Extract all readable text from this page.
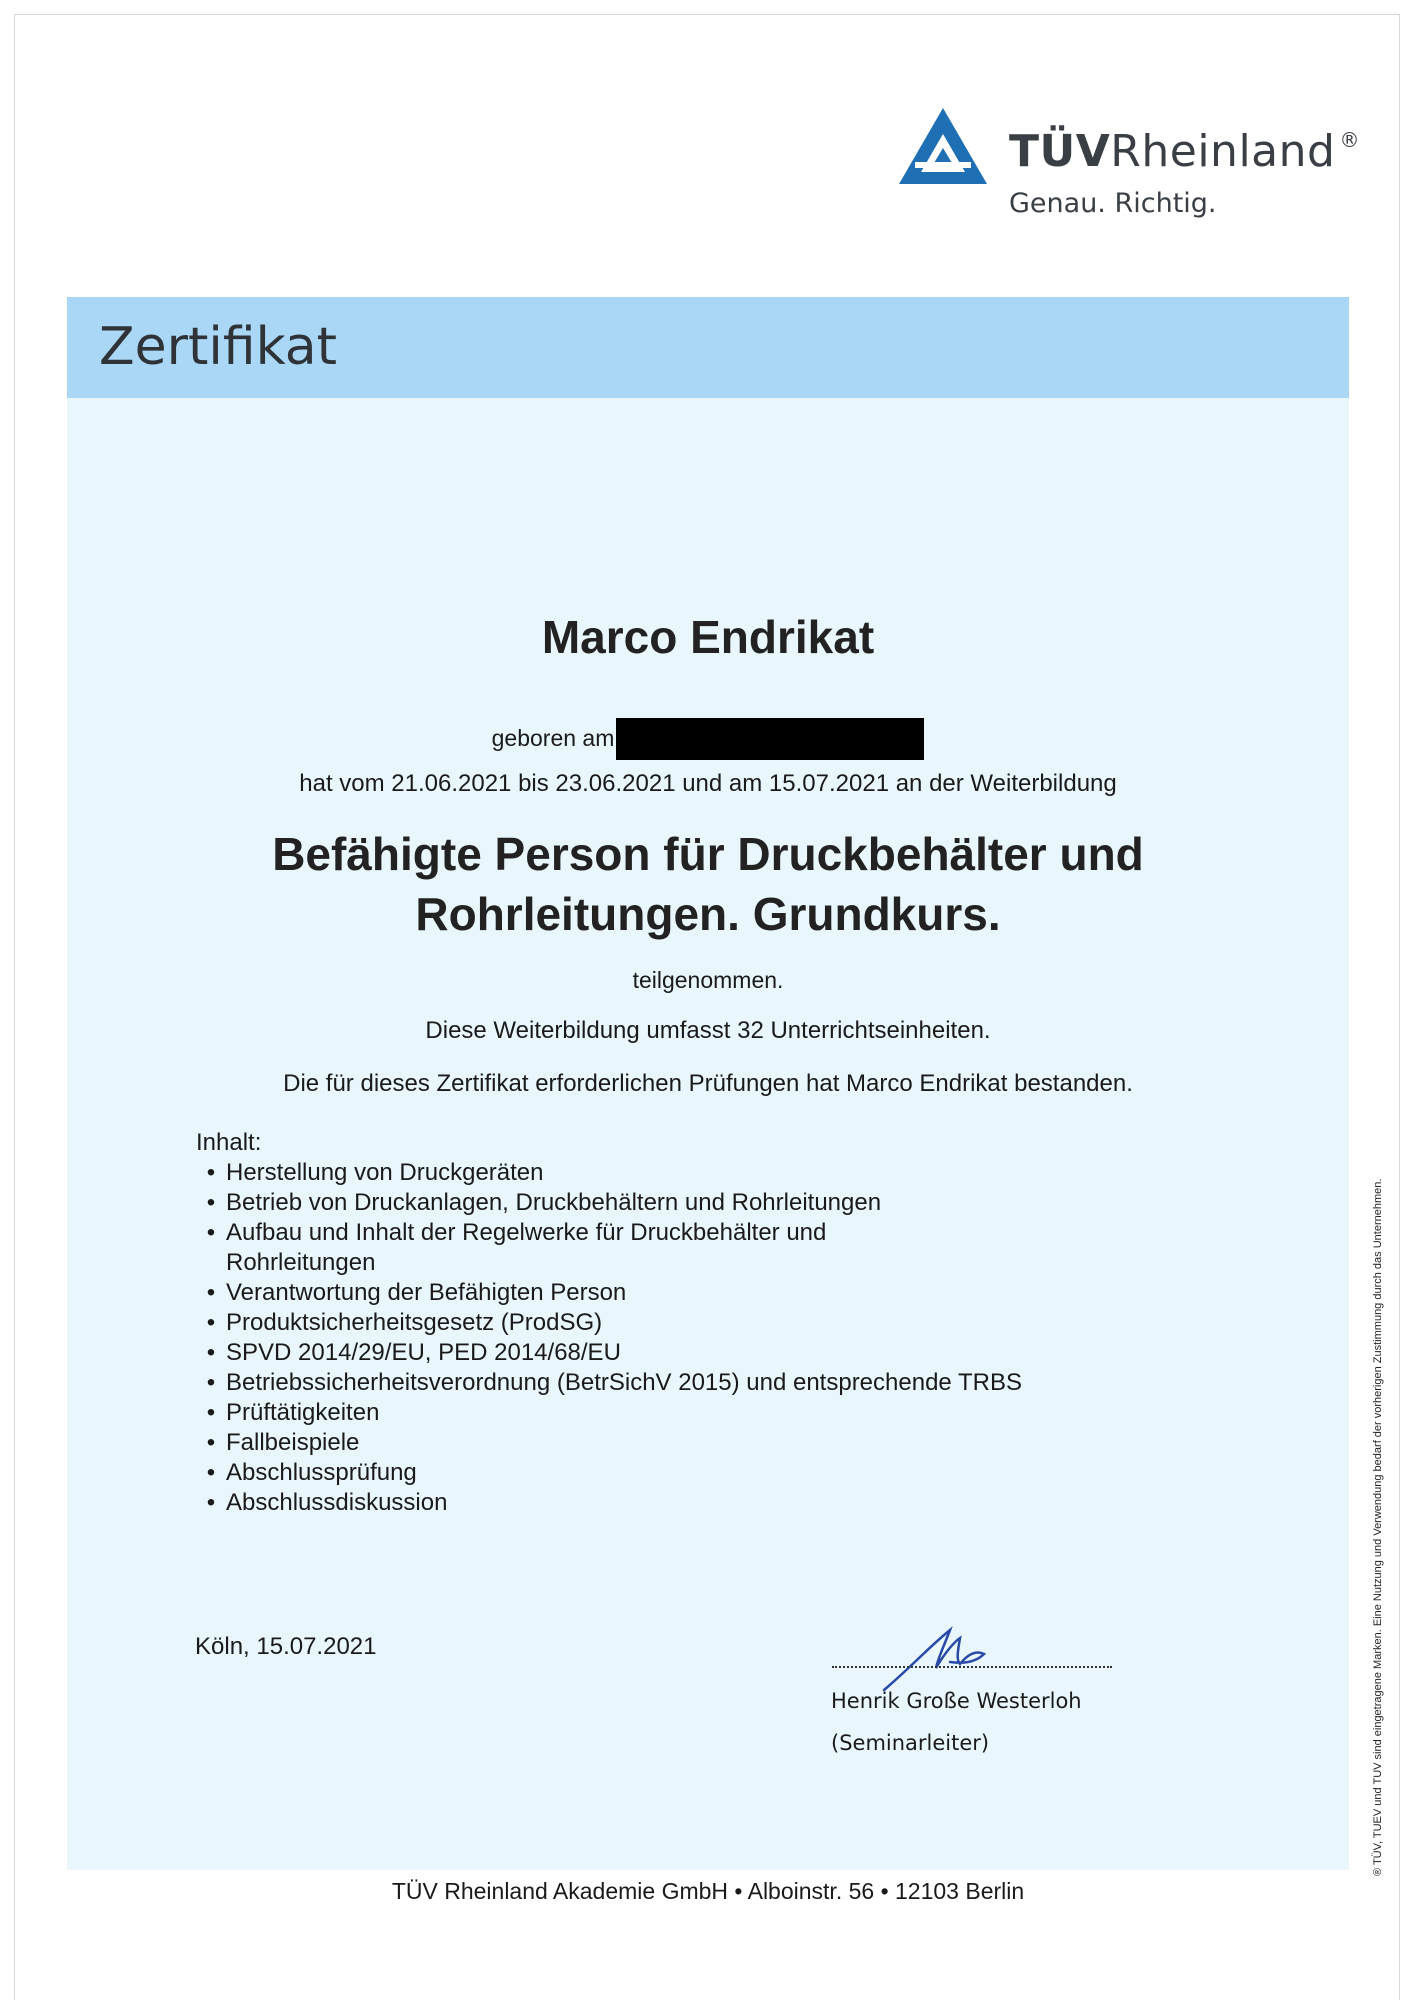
TÜVRheinland ®
Genau. Richtig.
Zertifikat
Marco Endrikat
geboren am
hat vom 21.06.2021 bis 23.06.2021 und am 15.07.2021 an der Weiterbildung
Befähigte Person für Druckbehälter und
Rohrleitungen. Grundkurs.
teilgenommen.
Diese Weiterbildung umfasst 32 Unterrichtseinheiten.
Die für dieses Zertifikat erforderlichen Prüfungen hat Marco Endrikat bestanden.
Inhalt:
• Herstellung von Druckgeräten
• Betrieb von Druckanlagen, Druckbehältern und Rohrleitungen
• Aufbau und Inhalt der Regelwerke für Druckbehälter und Rohrleitungen
• Verantwortung der Befähigten Person
• Produktsicherheitsgesetz (ProdSG)
• SPVD 2014/29/EU, PED 2014/68/EU
• Betriebssicherheitsverordnung (BetrSichV 2015) und entsprechende TRBS
• Prüftätigkeiten
• Fallbeispiele
• Abschlussprüfung
• Abschlussdiskussion
Köln, 15.07.2021
Henrik Große Westerloh
(Seminarleiter)
TÜV Rheinland Akademie GmbH • Alboinstr. 56 • 12103 Berlin
® TÜV, TUEV und TUV sind eingetragene Marken. Eine Nutzung und Verwendung bedarf der vorherigen Zustimmung durch das Unternehmen.
